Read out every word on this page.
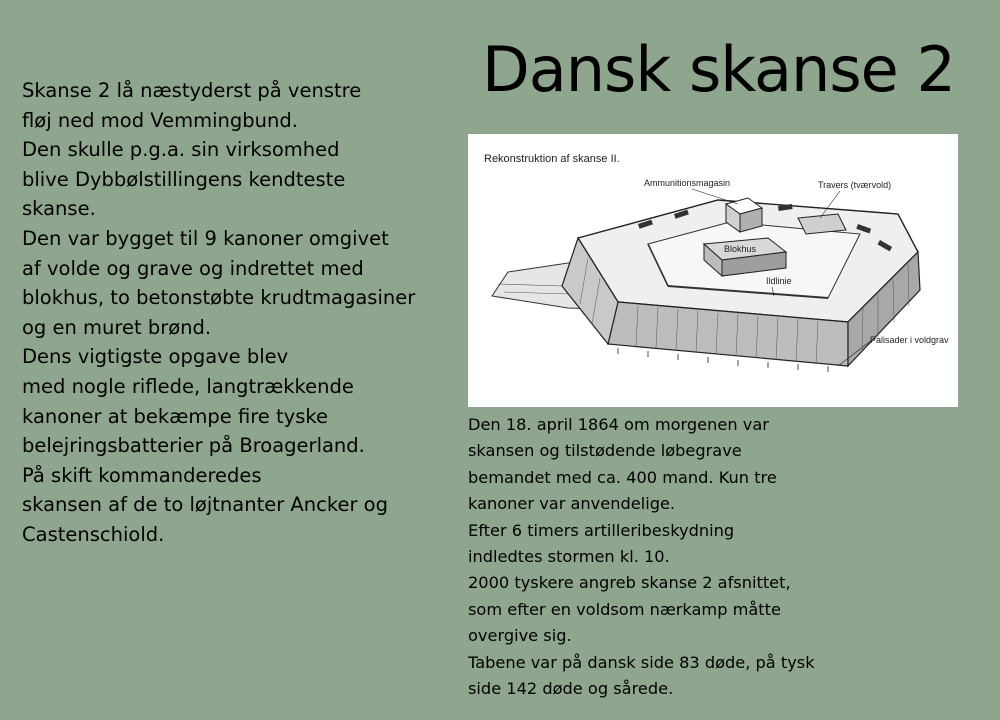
Dansk skanse 2
Skanse 2 lå næstyderst på venstre
fløj ned mod Vemmingbund.
Den skulle p.g.a. sin virksomhed
blive Dybbølstillingens kendteste
skanse.
Den var bygget til 9 kanoner omgivet
af volde og grave og indrettet med
blokhus, to betonstøbte krudtmagasiner
og en muret brønd.
Dens vigtigste opgave blev
med nogle riflede, langtrækkende
kanoner at bekæmpe fire tyske
belejringsbatterier på Broagerland.
På skift kommanderedes
skansen af de to løjtnanter Ancker og
Castenschiold.
Rekonstruktion af skanse II.
Ammunitionsmagasin	Travers (tværvold)
Blokhus
Ildlinie
Palisader i voldgrav
Den 18. april 1864 om morgenen var
skansen og tilstødende løbegrave
bemandet med ca. 400 mand. Kun tre
kanoner var anvendelige.
Efter 6 timers artilleribeskydning
indledtes stormen kl. 10.
2000 tyskere angreb skanse 2 afsnittet,
som efter en voldsom nærkamp måtte
overgive sig.
Tabene var på dansk side 83 døde, på tysk
side 142 døde og sårede.
